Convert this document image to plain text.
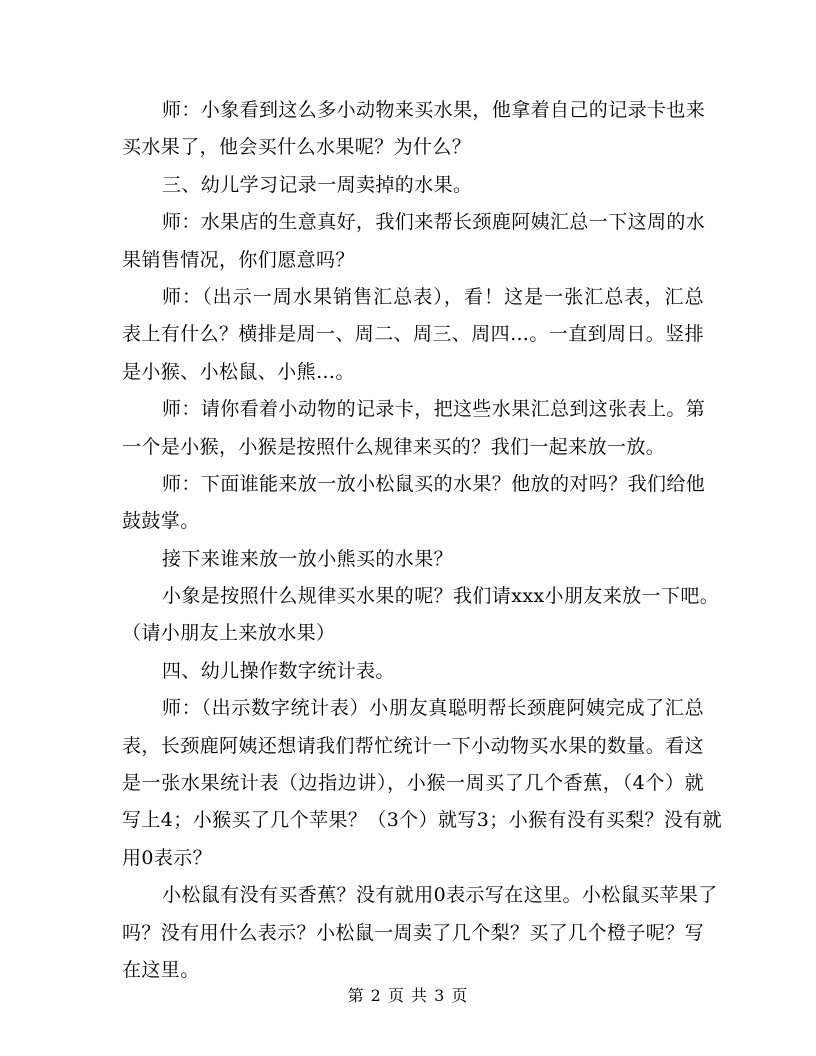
师：小象看到这么多小动物来买水果，他拿着自己的记录卡也来
买水果了，他会买什么水果呢？为什么？
三、幼儿学习记录一周卖掉的水果。
师：水果店的生意真好，我们来帮长颈鹿阿姨汇总一下这周的水
果销售情况，你们愿意吗？
师：（出示一周水果销售汇总表），看！这是一张汇总表，汇总
表上有什么？横排是周一、周二、周三、周四…。一直到周日。竖排
是小猴、小松鼠、小熊…。
师：请你看着小动物的记录卡，把这些水果汇总到这张表上。第
一个是小猴，小猴是按照什么规律来买的？我们一起来放一放。
师：下面谁能来放一放小松鼠买的水果？他放的对吗？我们给他
鼓鼓掌。
接下来谁来放一放小熊买的水果？
小象是按照什么规律买水果的呢？我们请xxx小朋友来放一下吧。
（请小朋友上来放水果）
四、幼儿操作数字统计表。
师：（出示数字统计表）小朋友真聪明帮长颈鹿阿姨完成了汇总
表，长颈鹿阿姨还想请我们帮忙统计一下小动物买水果的数量。看这
是一张水果统计表（边指边讲），小猴一周买了几个香蕉，（4个）就
写上4；小猴买了几个苹果？（3个）就写3；小猴有没有买梨？没有就
用0表示？
小松鼠有没有买香蕉？没有就用0表示写在这里。小松鼠买苹果了
吗？没有用什么表示？小松鼠一周卖了几个梨？买了几个橙子呢？写
在这里。
第 2 页 共 3 页
